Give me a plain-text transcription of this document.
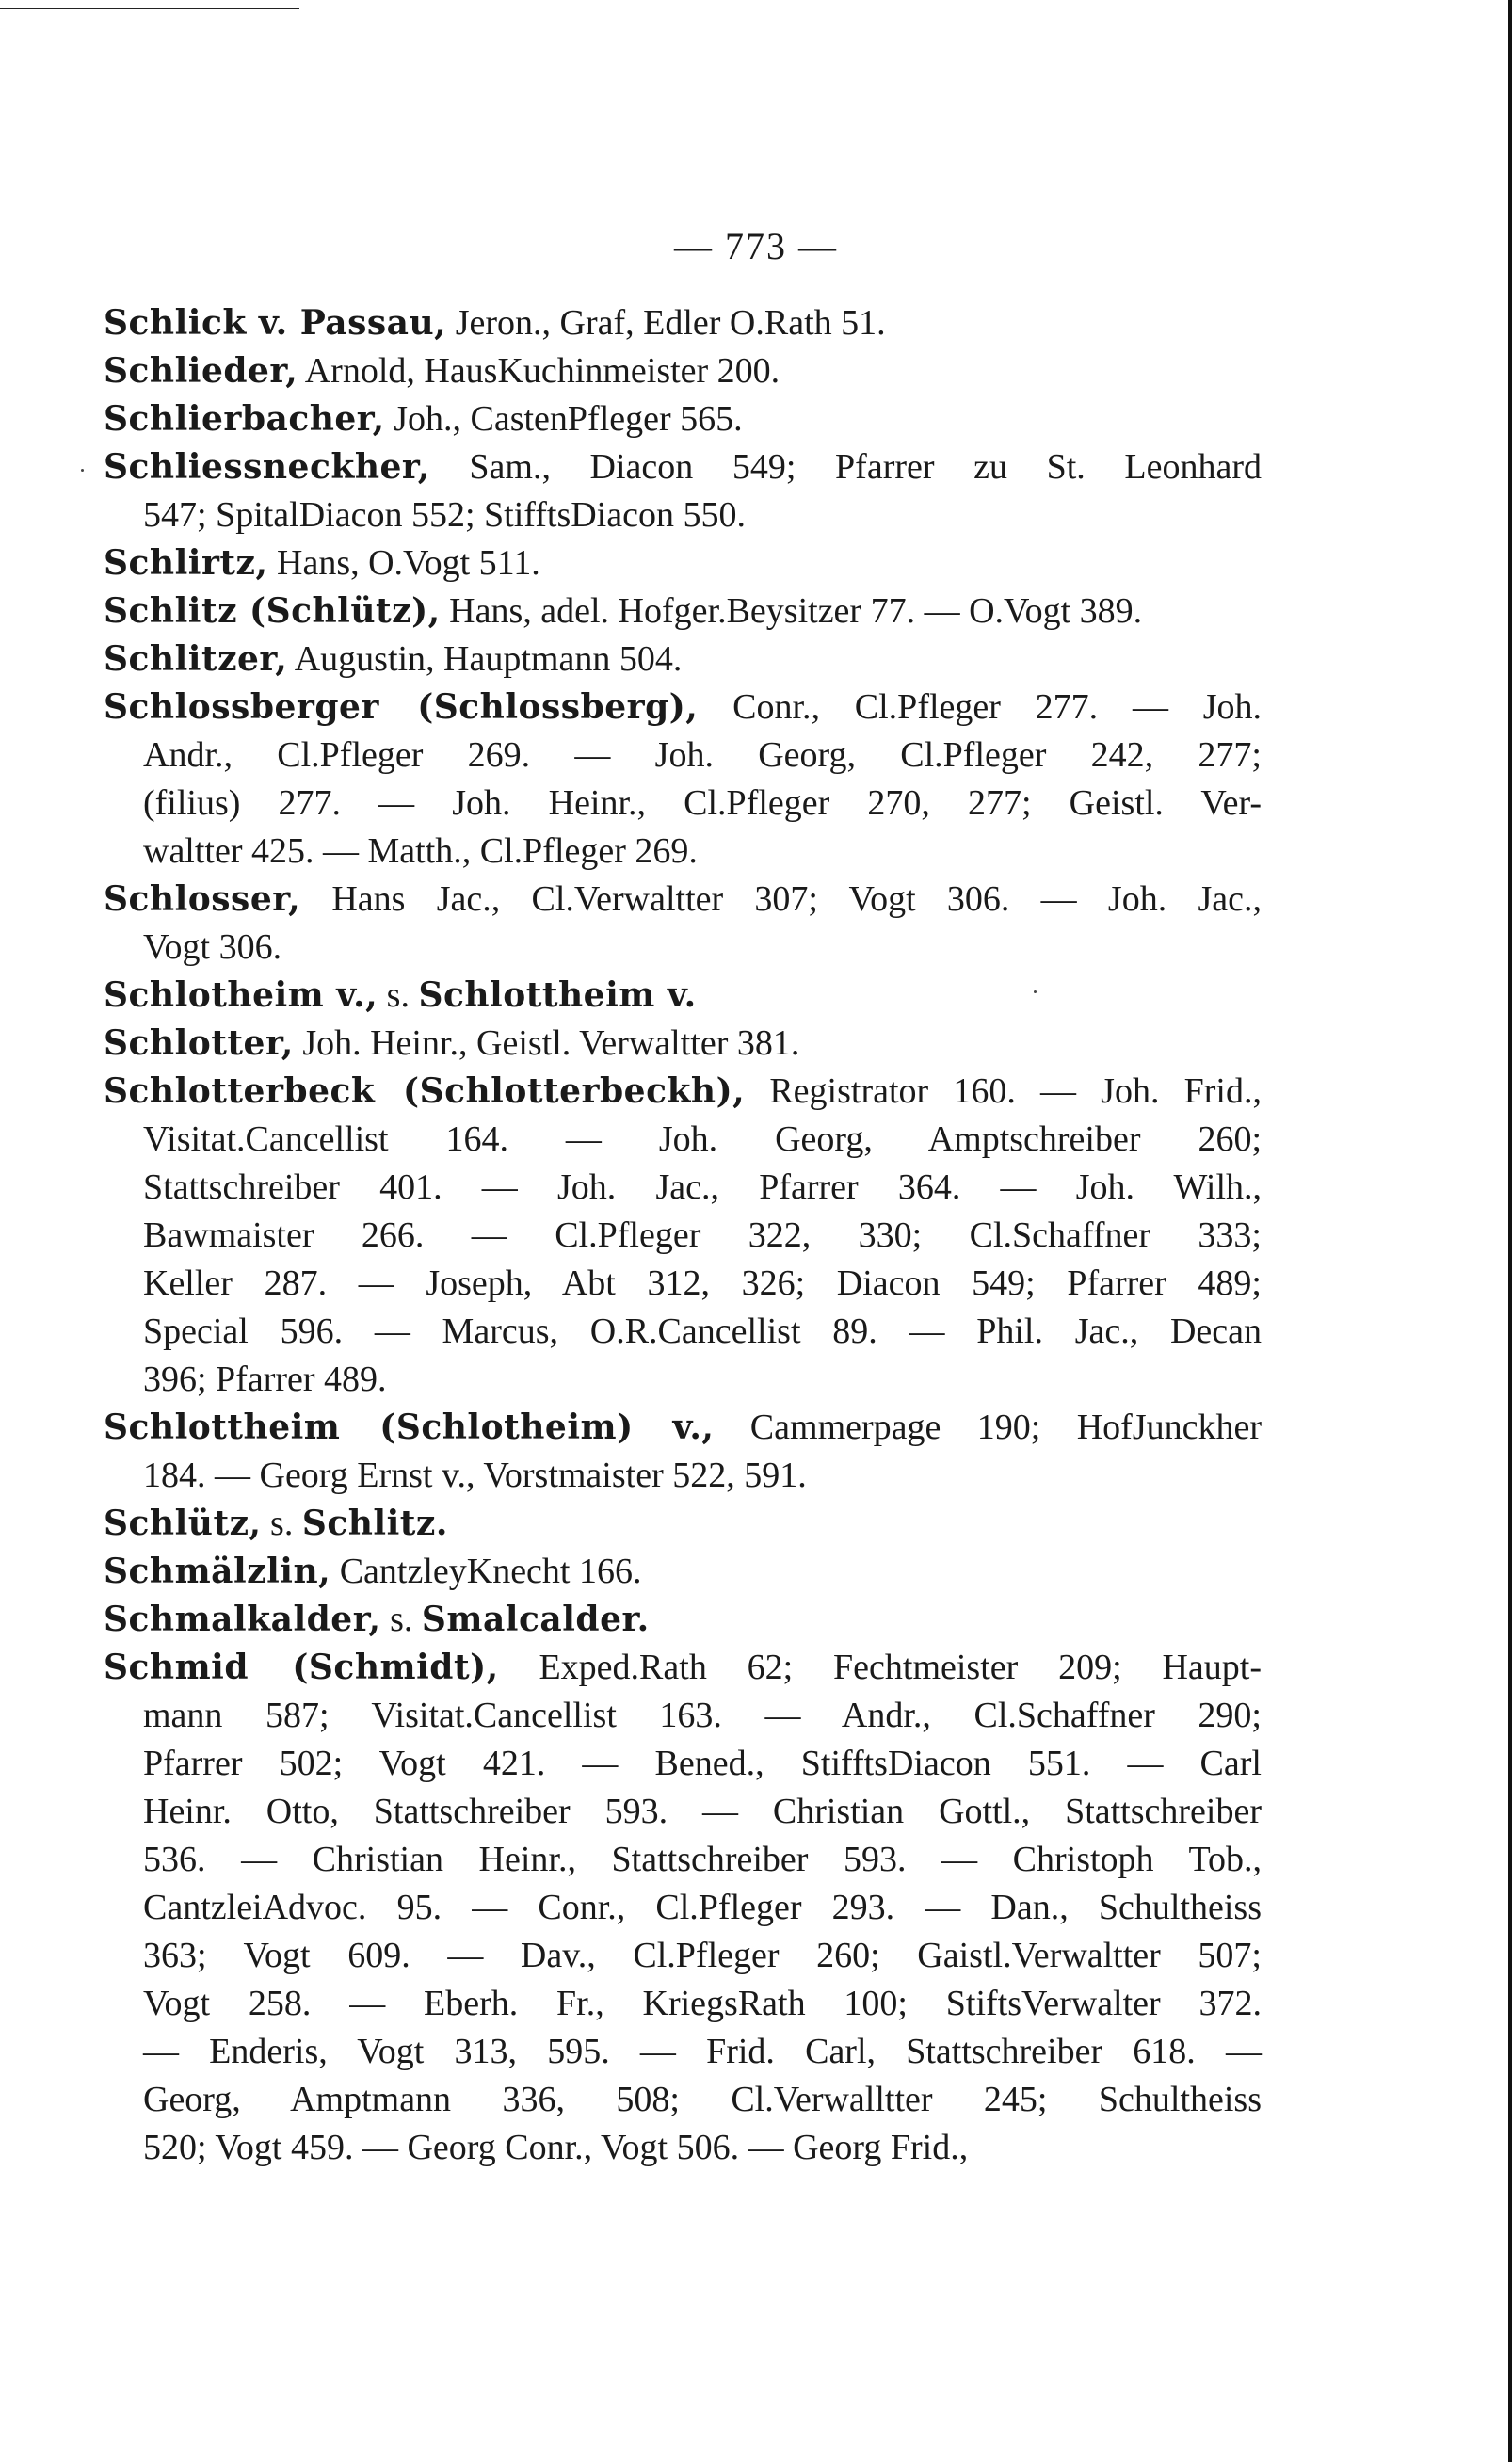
— 773 —
Schlick v. Passau, Jeron., Graf, Edler O.Rath 51.
Schlieder, Arnold, HausKuchinmeister 200.
Schlierbacher, Joh., CastenPfleger 565.
Schliessneckher, Sam., Diacon 549; Pfarrer zu St. Leonhard
547; SpitalDiacon 552; StifftsDiacon 550.
Schlirtz, Hans, O.Vogt 511.
Schlitz (Schlütz), Hans, adel. Hofger.Beysitzer 77. — O.Vogt 389.
Schlitzer, Augustin, Hauptmann 504.
Schlossberger (Schlossberg), Conr., Cl.Pfleger 277. — Joh.
Andr., Cl.Pfleger 269. — Joh. Georg, Cl.Pfleger 242, 277;
(filius) 277. — Joh. Heinr., Cl.Pfleger 270, 277; Geistl. Ver-
waltter 425. — Matth., Cl.Pfleger 269.
Schlosser, Hans Jac., Cl.Verwaltter 307; Vogt 306. — Joh. Jac.,
Vogt 306.
Schlotheim v., s. Schlottheim v.
Schlotter, Joh. Heinr., Geistl. Verwaltter 381.
Schlotterbeck (Schlotterbeckh), Registrator 160. — Joh. Frid.,
Visitat.Cancellist 164. — Joh. Georg, Amptschreiber 260;
Stattschreiber 401. — Joh. Jac., Pfarrer 364. — Joh. Wilh.,
Bawmaister 266. — Cl.Pfleger 322, 330; Cl.Schaffner 333;
Keller 287. — Joseph, Abt 312, 326; Diacon 549; Pfarrer 489;
Special 596. — Marcus, O.R.Cancellist 89. — Phil. Jac., Decan
396; Pfarrer 489.
Schlottheim (Schlotheim) v., Cammerpage 190; HofJunckher
184. — Georg Ernst v., Vorstmaister 522, 591.
Schlütz, s. Schlitz.
Schmälzlin, CantzleyKnecht 166.
Schmalkalder, s. Smalcalder.
Schmid (Schmidt), Exped.Rath 62; Fechtmeister 209; Haupt-
mann 587; Visitat.Cancellist 163. — Andr., Cl.Schaffner 290;
Pfarrer 502; Vogt 421. — Bened., StifftsDiacon 551. — Carl
Heinr. Otto, Stattschreiber 593. — Christian Gottl., Stattschreiber
536. — Christian Heinr., Stattschreiber 593. — Christoph Tob.,
CantzleiAdvoc. 95. — Conr., Cl.Pfleger 293. — Dan., Schultheiss
363; Vogt 609. — Dav., Cl.Pfleger 260; Gaistl.Verwaltter 507;
Vogt 258. — Eberh. Fr., KriegsRath 100; StiftsVerwalter 372.
— Enderis, Vogt 313, 595. — Frid. Carl, Stattschreiber 618. —
Georg, Amptmann 336, 508; Cl.Verwalltter 245; Schultheiss
520; Vogt 459. — Georg Conr., Vogt 506. — Georg Frid.,
